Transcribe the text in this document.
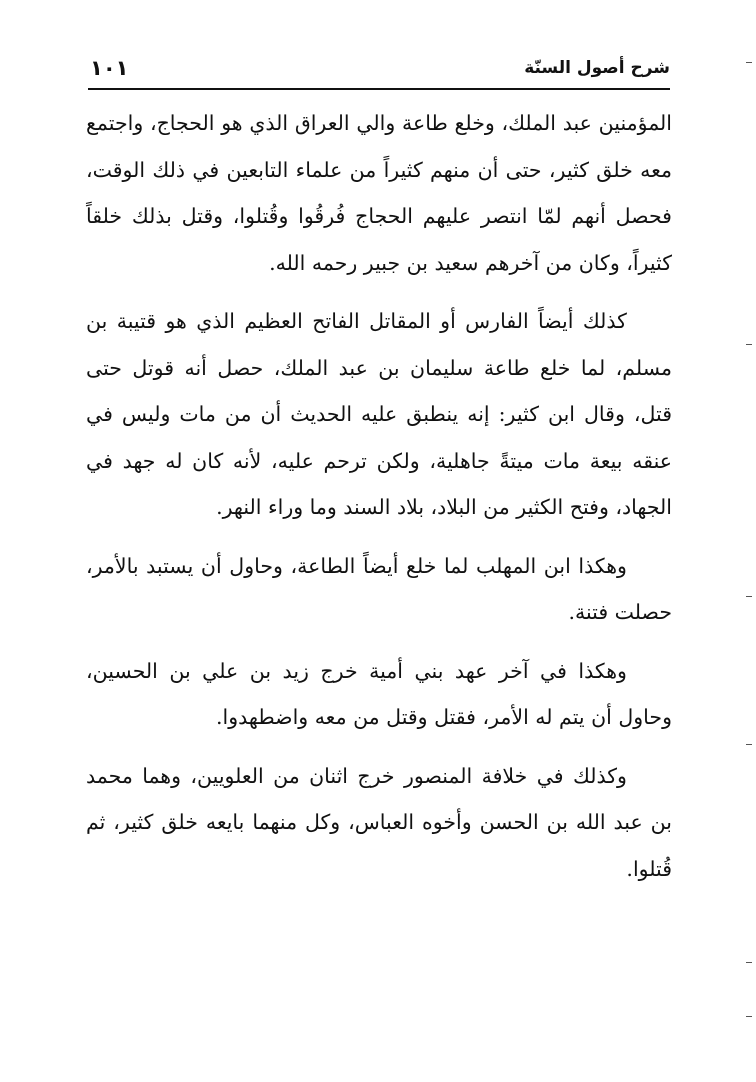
شرح أصول السنّة
١٠١

المؤمنين عبد الملك، وخلع طاعة والي العراق الذي هو الحجاج، واجتمع معه خلق كثير، حتى أن منهم كثيراً من علماء التابعين في ذلك الوقت، فحصل أنهم لمّا انتصر عليهم الحجاج فُرقُوا وقُتلوا، وقتل بذلك خلقاً كثيراً، وكان من آخرهم سعيد بن جبير رحمه الله.

كذلك أيضاً الفارس أو المقاتل الفاتح العظيم الذي هو قتيبة بن مسلم، لما خلع طاعة سليمان بن عبد الملك، حصل أنه قوتل حتى قتل، وقال ابن كثير: إنه ينطبق عليه الحديث أن من مات وليس في عنقه بيعة مات ميتةً جاهلية، ولكن ترحم عليه، لأنه كان له جهد في الجهاد، وفتح الكثير من البلاد، بلاد السند وما وراء النهر.

وهكذا ابن المهلب لما خلع أيضاً الطاعة، وحاول أن يستبد بالأمر، حصلت فتنة.

وهكذا في آخر عهد بني أمية خرج زيد بن علي بن الحسين، وحاول أن يتم له الأمر، فقتل وقتل من معه واضطهدوا.

وكذلك في خلافة المنصور خرج اثنان من العلويين، وهما محمد بن عبد الله بن الحسن وأخوه العباس، وكل منهما بايعه خلق كثير، ثم قُتلوا.
